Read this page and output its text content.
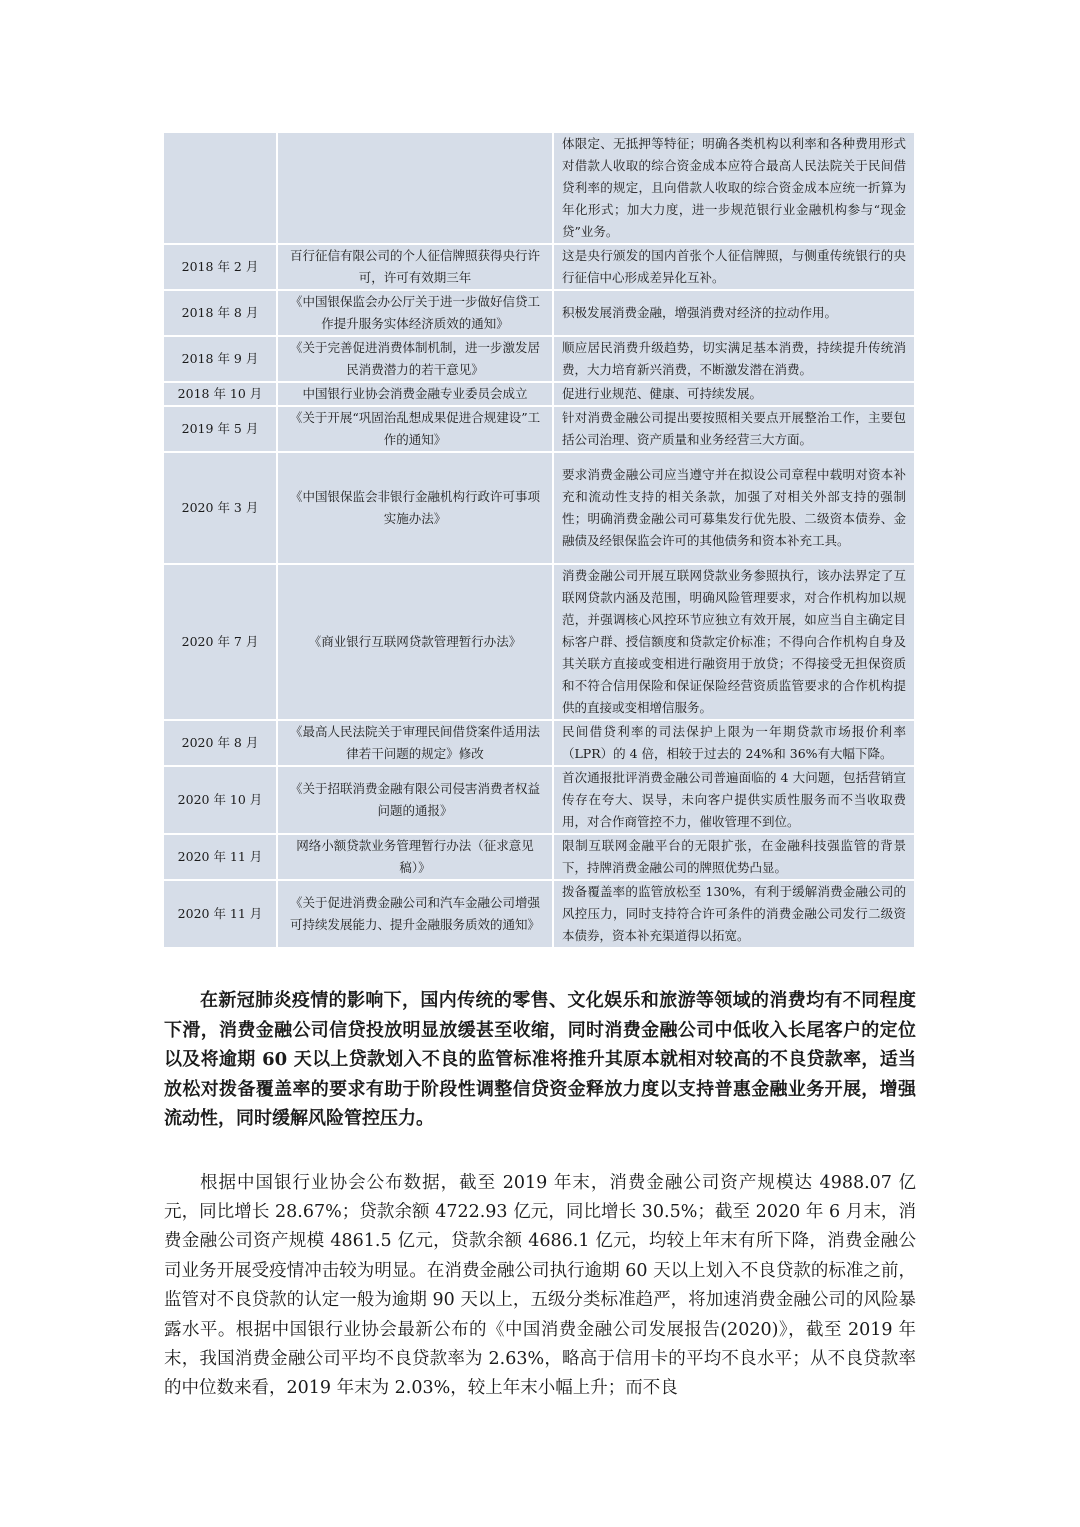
		体限定、无抵押等特征；明确各类机构以利率和各种费用形式对借款人收取的综合资金成本应符合最高人民法院关于民间借贷利率的规定，且向借款人收取的综合资金成本应统一折算为年化形式；加大力度，进一步规范银行业金融机构参与“现金贷”业务。
2018 年 2 月	百行征信有限公司的个人征信牌照获得央行许可，许可有效期三年	这是央行颁发的国内首张个人征信牌照，与侧重传统银行的央行征信中心形成差异化互补。
2018 年 8 月	《中国银保监会办公厅关于进一步做好信贷工作提升服务实体经济质效的通知》	积极发展消费金融，增强消费对经济的拉动作用。
2018 年 9 月	《关于完善促进消费体制机制，进一步激发居民消费潜力的若干意见》	顺应居民消费升级趋势，切实满足基本消费，持续提升传统消费，大力培育新兴消费，不断激发潜在消费。
2018 年 10 月	中国银行业协会消费金融专业委员会成立	促进行业规范、健康、可持续发展。
2019 年 5 月	《关于开展“巩固治乱想成果促进合规建设”工作的通知》	针对消费金融公司提出要按照相关要点开展整治工作，主要包括公司治理、资产质量和业务经营三大方面。
2020 年 3 月	《中国银保监会非银行金融机构行政许可事项实施办法》	要求消费金融公司应当遵守并在拟设公司章程中载明对资本补充和流动性支持的相关条款，加强了对相关外部支持的强制性；明确消费金融公司可募集发行优先股、二级资本债券、金融债及经银保监会许可的其他债务和资本补充工具。
2020 年 7 月	《商业银行互联网贷款管理暂行办法》	消费金融公司开展互联网贷款业务参照执行，该办法界定了互联网贷款内涵及范围，明确风险管理要求，对合作机构加以规范，并强调核心风控环节应独立有效开展，如应当自主确定目标客户群、授信额度和贷款定价标准；不得向合作机构自身及其关联方直接或变相进行融资用于放贷；不得接受无担保资质和不符合信用保险和保证保险经营资质监管要求的合作机构提供的直接或变相增信服务。
2020 年 8 月	《最高人民法院关于审理民间借贷案件适用法律若干问题的规定》修改	民间借贷利率的司法保护上限为一年期贷款市场报价利率（LPR）的 4 倍，相较于过去的 24%和 36%有大幅下降。
2020 年 10 月	《关于招联消费金融有限公司侵害消费者权益问题的通报》	首次通报批评消费金融公司普遍面临的 4 大问题，包括营销宣传存在夸大、误导，未向客户提供实质性服务而不当收取费用，对合作商管控不力，催收管理不到位。
2020 年 11 月	网络小额贷款业务管理暂行办法（征求意见稿）》	限制互联网金融平台的无限扩张，在金融科技强监管的背景下，持牌消费金融公司的牌照优势凸显。
2020 年 11 月	《关于促进消费金融公司和汽车金融公司增强可持续发展能力、提升金融服务质效的通知》	拨备覆盖率的监管放松至 130%，有利于缓解消费金融公司的风控压力，同时支持符合许可条件的消费金融公司发行二级资本债券，资本补充渠道得以拓宽。

在新冠肺炎疫情的影响下，国内传统的零售、文化娱乐和旅游等领域的消费均有不同程度下滑，消费金融公司信贷投放明显放缓甚至收缩，同时消费金融公司中低收入长尾客户的定位以及将逾期 60 天以上贷款划入不良的监管标准将推升其原本就相对较高的不良贷款率，适当放松对拨备覆盖率的要求有助于阶段性调整信贷资金释放力度以支持普惠金融业务开展，增强流动性，同时缓解风险管控压力。

根据中国银行业协会公布数据，截至 2019 年末，消费金融公司资产规模达 4988.07 亿元，同比增长 28.67%；贷款余额 4722.93 亿元，同比增长 30.5%；截至 2020 年 6 月末，消费金融公司资产规模 4861.5 亿元，贷款余额 4686.1 亿元，均较上年末有所下降，消费金融公司业务开展受疫情冲击较为明显。在消费金融公司执行逾期 60 天以上划入不良贷款的标准之前，监管对不良贷款的认定一般为逾期 90 天以上，五级分类标准趋严，将加速消费金融公司的风险暴露水平。根据中国银行业协会最新公布的《中国消费金融公司发展报告(2020)》，截至 2019 年末，我国消费金融公司平均不良贷款率为 2.63%，略高于信用卡的平均不良水平；从不良贷款率的中位数来看，2019 年末为 2.03%，较上年末小幅上升；而不良
